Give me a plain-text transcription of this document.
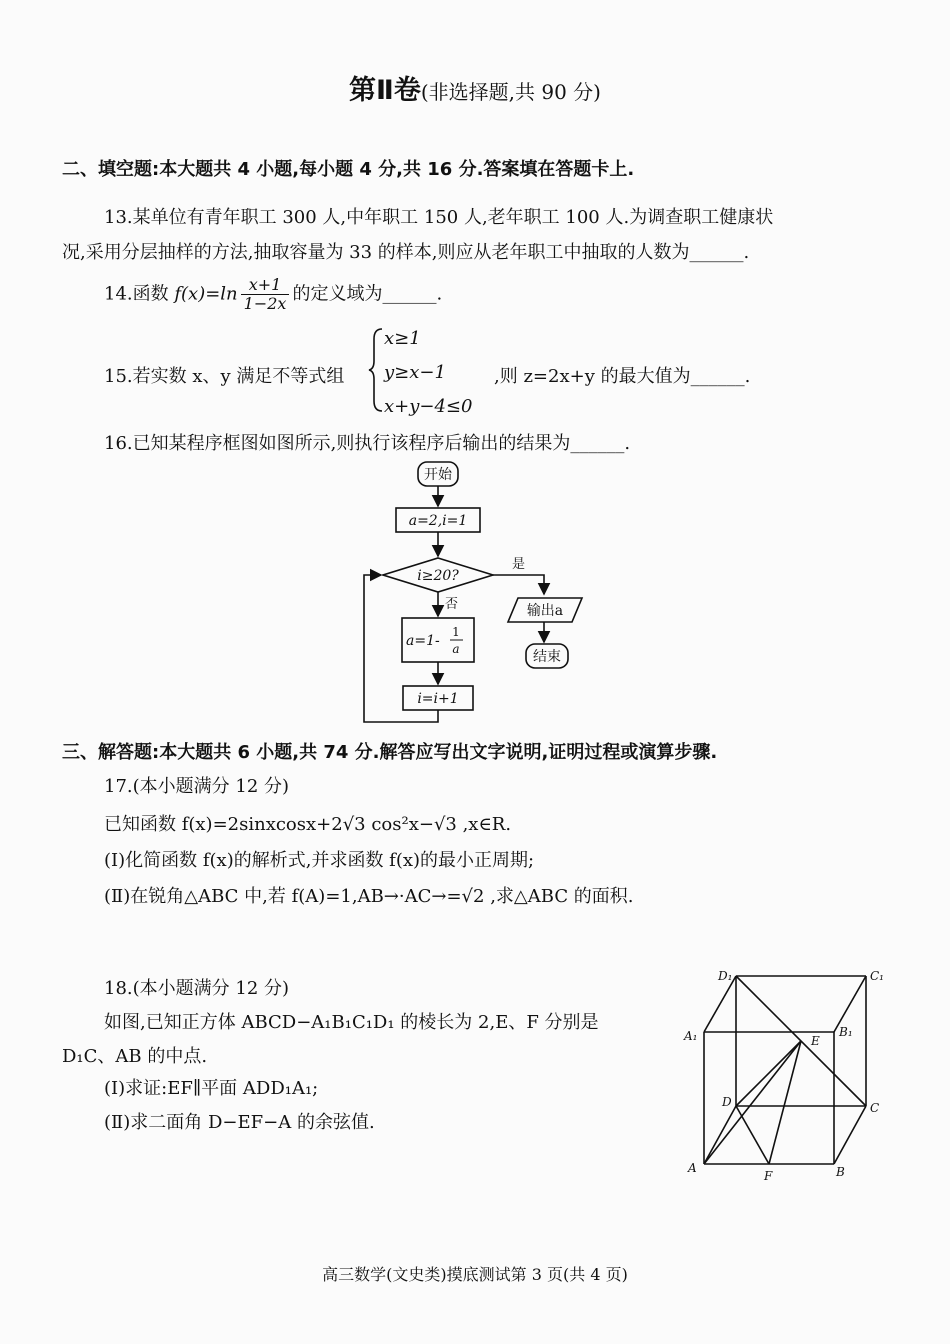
第Ⅱ卷(非选择题,共 90 分)
二、填空题:本大题共 4 小题,每小题 4 分,共 16 分.答案填在答题卡上.
13.某单位有青年职工 300 人,中年职工 150 人,老年职工 100 人.为调查职工健康状
况,采用分层抽样的方法,抽取容量为 33 的样本,则应从老年职工中抽取的人数为______.
14.函数 $f(x)=\ln \frac{x+1}{1-2x}$ 的定义域为______.
15.若实数 x、y 满足不等式组
x≥1
y≥x−1
x+y−4≤0
,则 z=2x+y 的最大值为______.
16.已知某程序框图如图所示,则执行该程序后输出的结果为______.
开始
a=2,i=1
i≥20?
是
否	输出a
结束
a=1-
1
a
i=i+1
三、解答题:本大题共 6 小题,共 74 分.解答应写出文字说明,证明过程或演算步骤.
17.(本小题满分 12 分)
已知函数 f(x)=2sinxcosx+2√3 cos²x−√3 ,x∈R.
(Ⅰ)化简函数 f(x)的解析式,并求函数 f(x)的最小正周期;
(Ⅱ)在锐角△ABC 中,若 f(A)=1,AB→·AC→=√2 ,求△ABC 的面积.
18.(本小题满分 12 分)
如图,已知正方体 ABCD−A₁B₁C₁D₁ 的棱长为 2,E、F 分别是
D₁C、AB 的中点.
(Ⅰ)求证:EF∥平面 ADD₁A₁;
(Ⅱ)求二面角 D−EF−A 的余弦值.
D₁	C₁
A₁	B₁
E
D	C
A
F	B
高三数学(文史类)摸底测试第 3 页(共 4 页)
